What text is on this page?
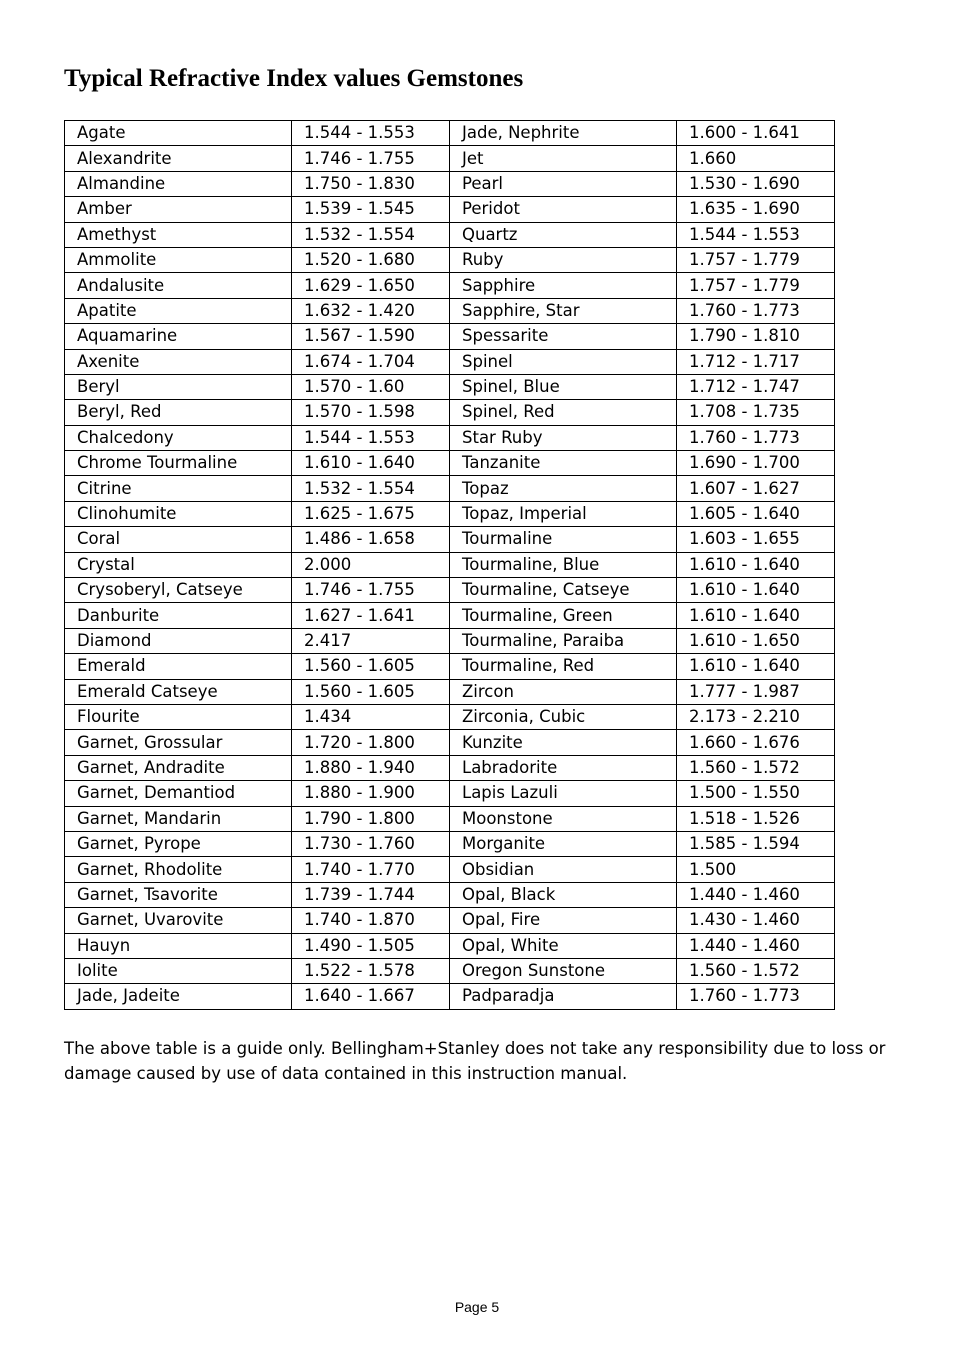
Typical Refractive Index values Gemstones
Agate	1.544 - 1.553	Jade, Nephrite	1.600 - 1.641
Alexandrite	1.746 - 1.755	Jet	1.660
Almandine	1.750 - 1.830	Pearl	1.530 - 1.690
Amber	1.539 - 1.545	Peridot	1.635 - 1.690
Amethyst	1.532 - 1.554	Quartz	1.544 - 1.553
Ammolite	1.520 - 1.680	Ruby	1.757 - 1.779
Andalusite	1.629 - 1.650	Sapphire	1.757 - 1.779
Apatite	1.632 - 1.420	Sapphire, Star	1.760 - 1.773
Aquamarine	1.567 - 1.590	Spessarite	1.790 - 1.810
Axenite	1.674 - 1.704	Spinel	1.712 - 1.717
Beryl	1.570 - 1.60	Spinel, Blue	1.712 - 1.747
Beryl, Red	1.570 - 1.598	Spinel, Red	1.708 - 1.735
Chalcedony	1.544 - 1.553	Star Ruby	1.760 - 1.773
Chrome Tourmaline	1.610 - 1.640	Tanzanite	1.690 - 1.700
Citrine	1.532 - 1.554	Topaz	1.607 - 1.627
Clinohumite	1.625 - 1.675	Topaz, Imperial	1.605 - 1.640
Coral	1.486 - 1.658	Tourmaline	1.603 - 1.655
Crystal	2.000	Tourmaline, Blue	1.610 - 1.640
Crysoberyl, Catseye	1.746 - 1.755	Tourmaline, Catseye	1.610 - 1.640
Danburite	1.627 - 1.641	Tourmaline, Green	1.610 - 1.640
Diamond	2.417	Tourmaline, Paraiba	1.610 - 1.650
Emerald	1.560 - 1.605	Tourmaline, Red	1.610 - 1.640
Emerald Catseye	1.560 - 1.605	Zircon	1.777 - 1.987
Flourite	1.434	Zirconia, Cubic	2.173 - 2.210
Garnet, Grossular	1.720 - 1.800	Kunzite	1.660 - 1.676
Garnet, Andradite	1.880 - 1.940	Labradorite	1.560 - 1.572
Garnet, Demantiod	1.880 - 1.900	Lapis Lazuli	1.500 - 1.550
Garnet, Mandarin	1.790 - 1.800	Moonstone	1.518 - 1.526
Garnet, Pyrope	1.730 - 1.760	Morganite	1.585 - 1.594
Garnet, Rhodolite	1.740 - 1.770	Obsidian	1.500
Garnet, Tsavorite	1.739 - 1.744	Opal, Black	1.440 - 1.460
Garnet, Uvarovite	1.740 - 1.870	Opal, Fire	1.430 - 1.460
Hauyn	1.490 - 1.505	Opal, White	1.440 - 1.460
Iolite	1.522 - 1.578	Oregon Sunstone	1.560 - 1.572
Jade, Jadeite	1.640 - 1.667	Padparadja	1.760 - 1.773
The above table is a guide only. Bellingham+Stanley does not take any responsibility due to loss or damage caused by use of data contained in this instruction manual.
Page 5
